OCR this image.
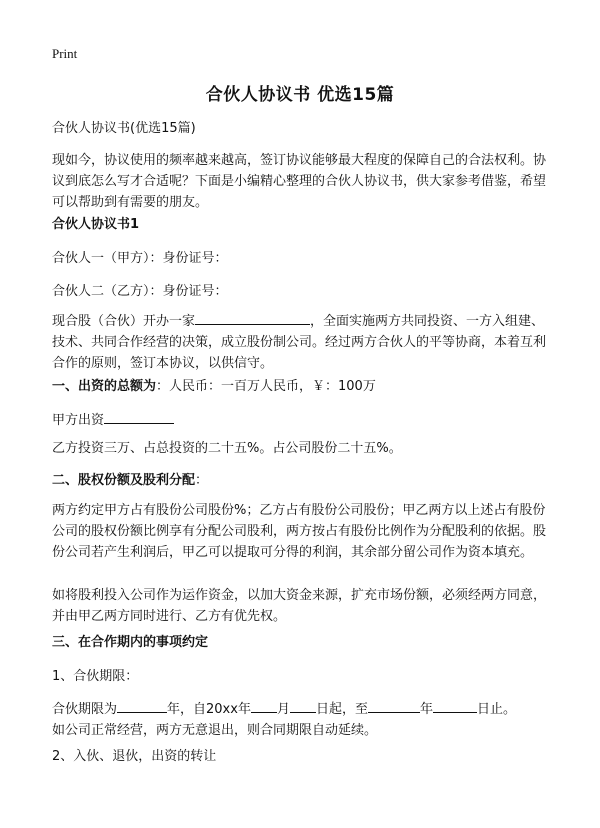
Print
合伙人协议书 优选15篇
合伙人协议书(优选15篇)
现如今，协议使用的频率越来越高，签订协议能够最大程度的保障自己的合法权利。协议到底怎么写才合适呢？下面是小编精心整理的合伙人协议书，供大家参考借鉴，希望可以帮助到有需要的朋友。
合伙人协议书1
合伙人一（甲方）：身份证号：
合伙人二（乙方）：身份证号：
现合股（合伙）开办一家	，全面实施两方共同投资、一方入组建、技术、共同合作经营的决策，成立股份制公司。经过两方合伙人的平等协商，本着互利合作的原则，签订本协议，以供信守。
一、出资的总额为：人民币：一百万人民币，￥：100万
甲方出资
乙方投资三万、占总投资的二十五%。占公司股份二十五%。
二、股权份额及股利分配：
两方约定甲方占有股份公司股份%；乙方占有股份公司股份；甲乙两方以上述占有股份公司的股权份额比例享有分配公司股利，两方按占有股份比例作为分配股利的依据。股份公司若产生利润后，甲乙可以提取可分得的利润，其余部分留公司作为资本填充。
如将股利投入公司作为运作资金，以加大资金来源，扩充市场份额，必须经两方同意，并由甲乙两方同时进行、乙方有优先权。
三、在合作期内的事项约定
1、合伙期限：
合伙期限为	年，自20xx年 月 日起，至	年	日止。
如公司正常经营，两方无意退出，则合同期限自动延续。
2、入伙、退伙，出资的转让
